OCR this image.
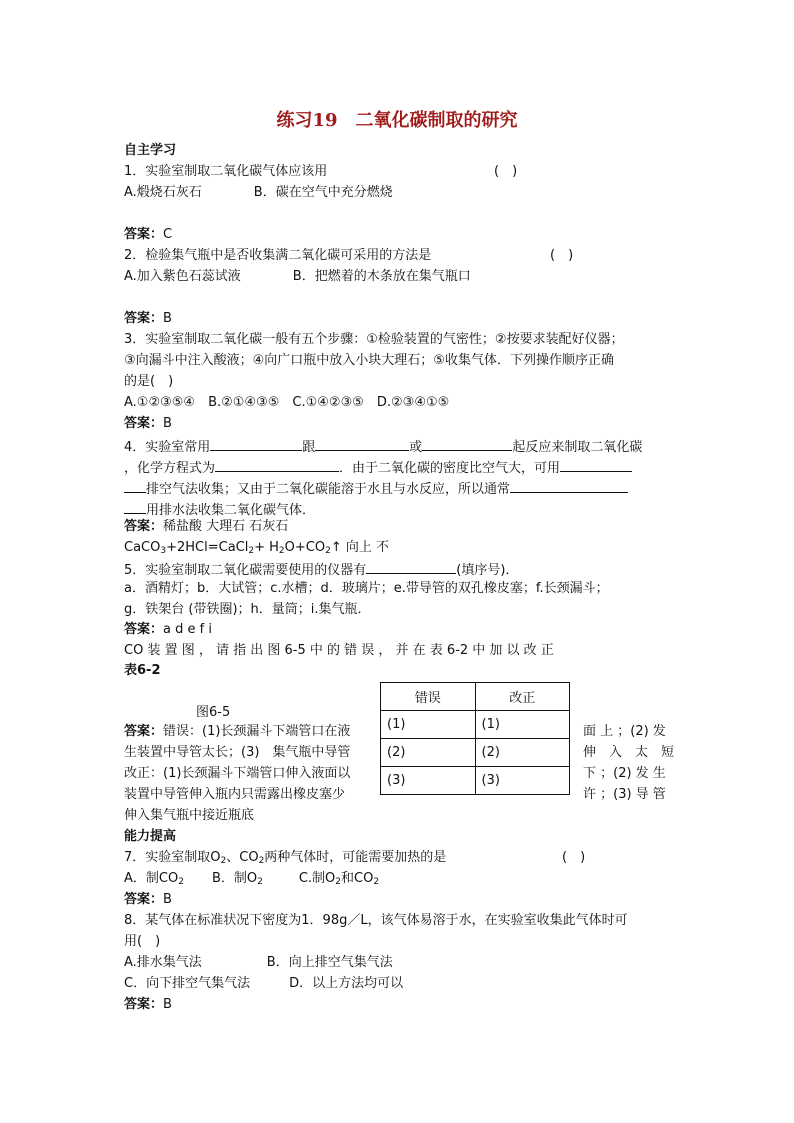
练习19　二氧化碳制取的研究
自主学习
1．实验室制取二氧化碳气体应该用	(　)
A.煅烧石灰石　　　　B．碳在空气中充分燃烧
答案：C
2．检验集气瓶中是否收集满二氧化碳可采用的方法是	(　)
A.加入紫色石蕊试液　　　　B．把燃着的木条放在集气瓶口
答案：B
3．实验室制取二氧化碳一般有五个步骤：①检验装置的气密性；②按要求装配好仪器；
③向漏斗中注入酸液；④向广口瓶中放入小块大理石；⑤收集气体．下列操作顺序正确
的是(　)
A.①②③⑤④　B.②①④③⑤　C.①④②③⑤　D.②③④①⑤
答案：B
4．实验室常用	跟	或	起反应来制取二氧化碳
，化学方程式为	．由于二氧化碳的密度比空气大，可用
排空气法收集；又由于二氧化碳能溶于水且与水反应，所以通常
用排水法收集二氧化碳气体．
答案：稀盐酸 大理石 石灰石
CaCO$_3$+2HCl=CaCl$_2$+ $H_2O+CO_2↑$ 向上 不
5．实验室制取二氧化碳需要使用的仪器有	(填序号)．
a．酒精灯；b．大试管；c.水槽；d．玻璃片；e.带导管的双孔橡皮塞；f.长颈漏斗；
g．铁架台 (带铁圈)；h．量筒；i.集气瓶．
答案：a d e f i
CO 装 置 图 ， 请 指 出 图 6-5 中 的 错 误 ， 并 在 表 6-2 中 加 以 改 正
表6-2
图6-5
错误	改正
(1)	(1)
(2)	(2)
(3)	(3)
答案：错误：(1)长颈漏斗下端管口在液
生装置中导管太长；(3)　集气瓶中导管
改正：(1)长颈漏斗下端管口伸入液面以
装置中导管伸入瓶内只需露出橡皮塞少
伸入集气瓶中接近瓶底
面 上 ；(2) 发
伸　入　太　短
下 ；(2) 发 生
许 ；(3) 导 管
能力提高
7．实验室制取$O_2$、$CO_2$两种气体时，可能需要加热的是	(　)
A．制$CO_2$ B．制$O_2$	C.制$O_2$和$CO_2$
答案：B
8．某气体在标准状况下密度为1．98g／L，该气体易溶于水，在实验室收集此气体时可
用(　)
A.排水集气法　　　　　B．向上排空气集气法
C．向下排空气集气法　　　D．以上方法均可以
答案：B
